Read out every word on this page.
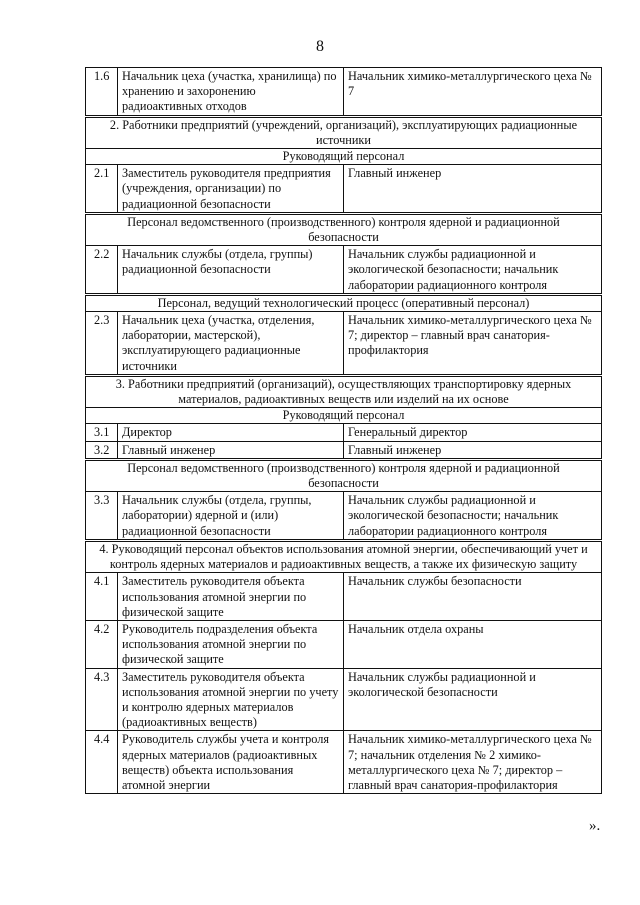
8
1.6	Начальник цеха (участка, хранилища) по хранению и захоронению радиоактивных отходов	Начальник химико-металлургического цеха № 7
2. Работники предприятий (учреждений, организаций), эксплуатирующих радиационные источники		
Руководящий персонал		
2.1	Заместитель руководителя предприятия (учреждения, организации) по радиационной безопасности	Главный инженер
Персонал ведомственного (производственного) контроля ядерной и радиационной безопасности		
2.2	Начальник службы (отдела, группы) радиационной безопасности	Начальник службы радиационной и экологической безопасности; начальник лаборатории радиационного контроля
Персонал, ведущий технологический процесс (оперативный персонал)		
2.3	Начальник цеха (участка, отделения, лаборатории, мастерской), эксплуатирующего радиационные источники	Начальник химико-металлургического цеха № 7; директор – главный врач санатория-профилактория
3. Работники предприятий (организаций), осуществляющих транспортировку ядерных материалов, радиоактивных веществ или изделий на их основе		
Руководящий персонал		
3.1	Директор	Генеральный директор
3.2	Главный инженер	Главный инженер
Персонал ведомственного (производственного) контроля ядерной и радиационной безопасности		
3.3	Начальник службы (отдела, группы, лаборатории) ядерной и (или) радиационной безопасности	Начальник службы радиационной и экологической безопасности; начальник лаборатории радиационного контроля
4. Руководящий персонал объектов использования атомной энергии, обеспечивающий учет и контроль ядерных материалов и радиоактивных веществ, а также их физическую защиту		
4.1	Заместитель руководителя объекта использования атомной энергии по физической защите	Начальник службы безопасности
4.2	Руководитель подразделения объекта использования атомной энергии по физической защите	Начальник отдела охраны
4.3	Заместитель руководителя объекта использования атомной энергии по учету и контролю ядерных материалов (радиоактивных веществ)	Начальник службы радиационной и экологической безопасности
4.4	Руководитель службы учета и контроля ядерных материалов (радиоактивных веществ) объекта использования атомной энергии	Начальник химико-металлургического цеха № 7; начальник отделения № 2 химико-металлургического цеха № 7; директор – главный врач санатория-профилактория
».
